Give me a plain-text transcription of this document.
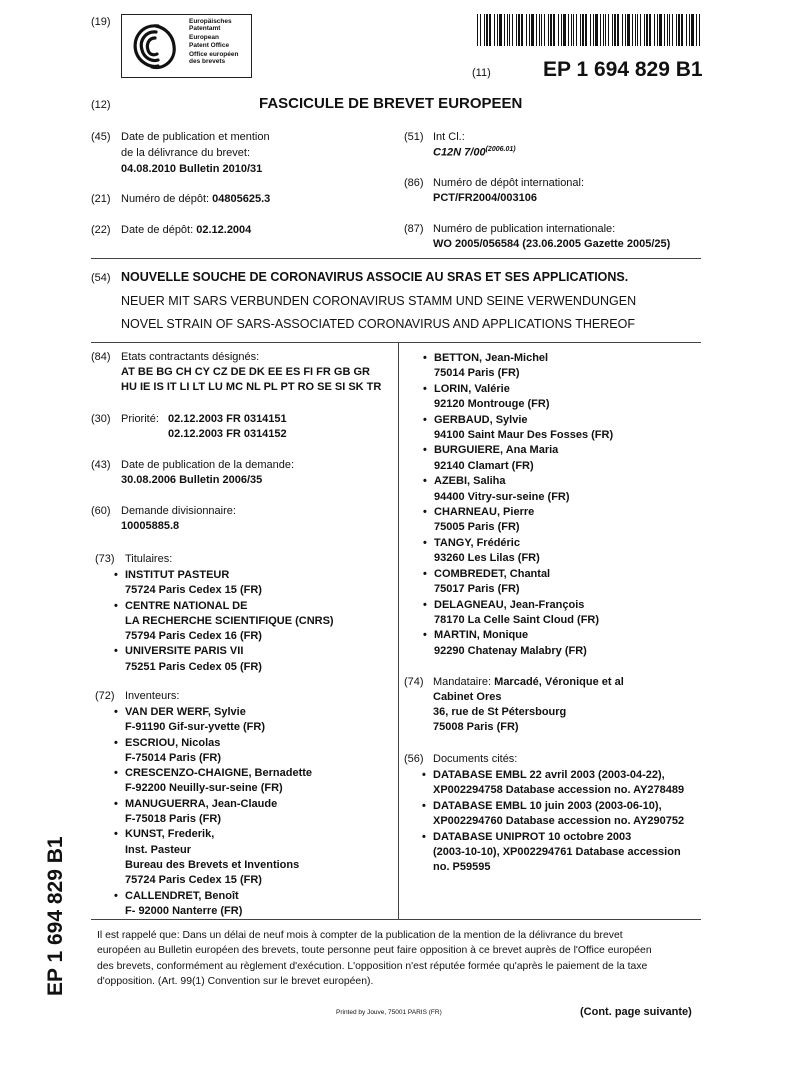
(19)	Europäisches
Patentamt
European
Patent Office
Office européen
des brevets
(11) EP 1 694 829 B1
(12)	FASCICULE DE BREVET EUROPEEN
(45) Date de publication et mention
de la délivrance du brevet:
04.08.2010 Bulletin 2010/31
(21) Numéro de dépôt: 04805625.3
(22) Date de dépôt: 02.12.2004
(51) Int Cl.:
C12N $7/00^{(2006.01)}$
(86) Numéro de dépôt international:
PCT/FR2004/003106
(87) Numéro de publication internationale:
WO 2005/056584 (23.06.2005 Gazette 2005/25)
(54) NOUVELLE SOUCHE DE CORONAVIRUS ASSOCIE AU SRAS ET SES APPLICATIONS.
NEUER MIT SARS VERBUNDEN CORONAVIRUS STAMM UND SEINE VERWENDUNGEN
NOVEL STRAIN OF SARS-ASSOCIATED CORONAVIRUS AND APPLICATIONS THEREOF
(84) Etats contractants désignés:
AT BE BG CH CY CZ DE DK EE ES FI FR GB GR
HU IE IS IT LI LT LU MC NL PL PT RO SE SI SK TR
(30) Priorité: 02.12.2003 FR 0314151
02.12.2003 FR 0314152
(43) Date de publication de la demande:
30.08.2006 Bulletin 2006/35
(60) Demande divisionnaire:
10005885.8
(73) Titulaires:
• INSTITUT PASTEUR
75724 Paris Cedex 15 (FR)
• CENTRE NATIONAL DE
LA RECHERCHE SCIENTIFIQUE (CNRS)
75794 Paris Cedex 16 (FR)
• UNIVERSITE PARIS VII
75251 Paris Cedex 05 (FR)
(72) Inventeurs:
• VAN DER WERF, Sylvie
F-91190 Gif-sur-yvette (FR)
• ESCRIOU, Nicolas
F-75014 Paris (FR)
• CRESCENZO-CHAIGNE, Bernadette
F-92200 Neuilly-sur-seine (FR)
• MANUGUERRA, Jean-Claude
F-75018 Paris (FR)
• KUNST, Frederik,
Inst. Pasteur
Bureau des Brevets et Inventions
75724 Paris Cedex 15 (FR)
• CALLENDRET, Benoît
F- 92000 Nanterre (FR)
• BETTON, Jean-Michel
75014 Paris (FR)
• LORIN, Valérie
92120 Montrouge (FR)
• GERBAUD, Sylvie
94100 Saint Maur Des Fosses (FR)
• BURGUIERE, Ana Maria
92140 Clamart (FR)
• AZEBI, Saliha
94400 Vitry-sur-seine (FR)
• CHARNEAU, Pierre
75005 Paris (FR)
• TANGY, Frédéric
93260 Les Lilas (FR)
• COMBREDET, Chantal
75017 Paris (FR)
• DELAGNEAU, Jean-François
78170 La Celle Saint Cloud (FR)
• MARTIN, Monique
92290 Chatenay Malabry (FR)
(74) Mandataire: Marcadé, Véronique et al
Cabinet Ores
36, rue de St Pétersbourg
75008 Paris (FR)
(56) Documents cités:
• DATABASE EMBL 22 avril 2003 (2003-04-22),
XP002294758 Database accession no. AY278489
• DATABASE EMBL 10 juin 2003 (2003-06-10),
XP002294760 Database accession no. AY290752
• DATABASE UNIPROT 10 octobre 2003
(2003-10-10), XP002294761 Database accession
no. P59595
Il est rappelé que: Dans un délai de neuf mois à compter de la publication de la mention de la délivrance du brevet
européen au Bulletin européen des brevets, toute personne peut faire opposition à ce brevet auprès de l'Office européen
des brevets, conformément au règlement d'exécution. L'opposition n'est réputée formée qu'après le paiement de la taxe
d'opposition. (Art. 99(1) Convention sur le brevet européen).
Printed by Jouve, 75001 PARIS (FR)	(Cont. page suivante)
EP 1 694 829 B1
